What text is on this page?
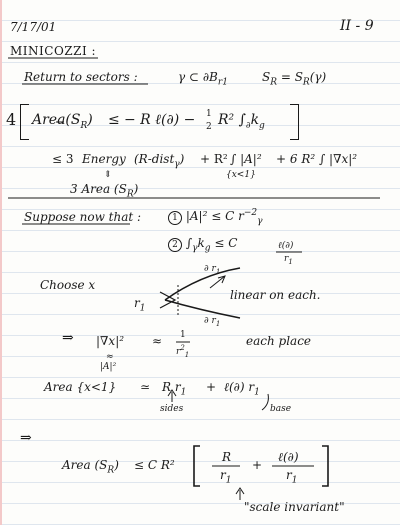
7/17/01	II - 9
MINICOZZI :
Return to sectors :	γ ⊂ $\partial B_{r1}$	$S_R = S_R(\gamma)$
4 $Area(S_R)$ ≤ − R ℓ(∂) − 1
2 R² $\int_\partial k_g$
≤ 3 Energy (R-dist$_\gamma$) + R² ∫ |A|²
{x<1}
+ 6 R² ∫ |∇x|²
⇕
3 Area $(S_R)$
Suppose now that :	1 |A|² ≤ C $r^{-2}_\gamma$
2 $\int_\gamma k_g \le C$	ℓ(∂)
$r_1$
Choose x
$r_1$
∂ $r_1$
∂ $r_1$
linear on each.
⇒ |∇x|² ≈ 1
$r^2_1$
each place
≈
|A|²
Area {x<1} ≃ R $r_1$ + ℓ(∂) $r_1$
sides	base
⇒
Area $(S_R) \le C$ R²
R
$r_1$
+
ℓ(∂)
$r_1$
"scale invariant"
